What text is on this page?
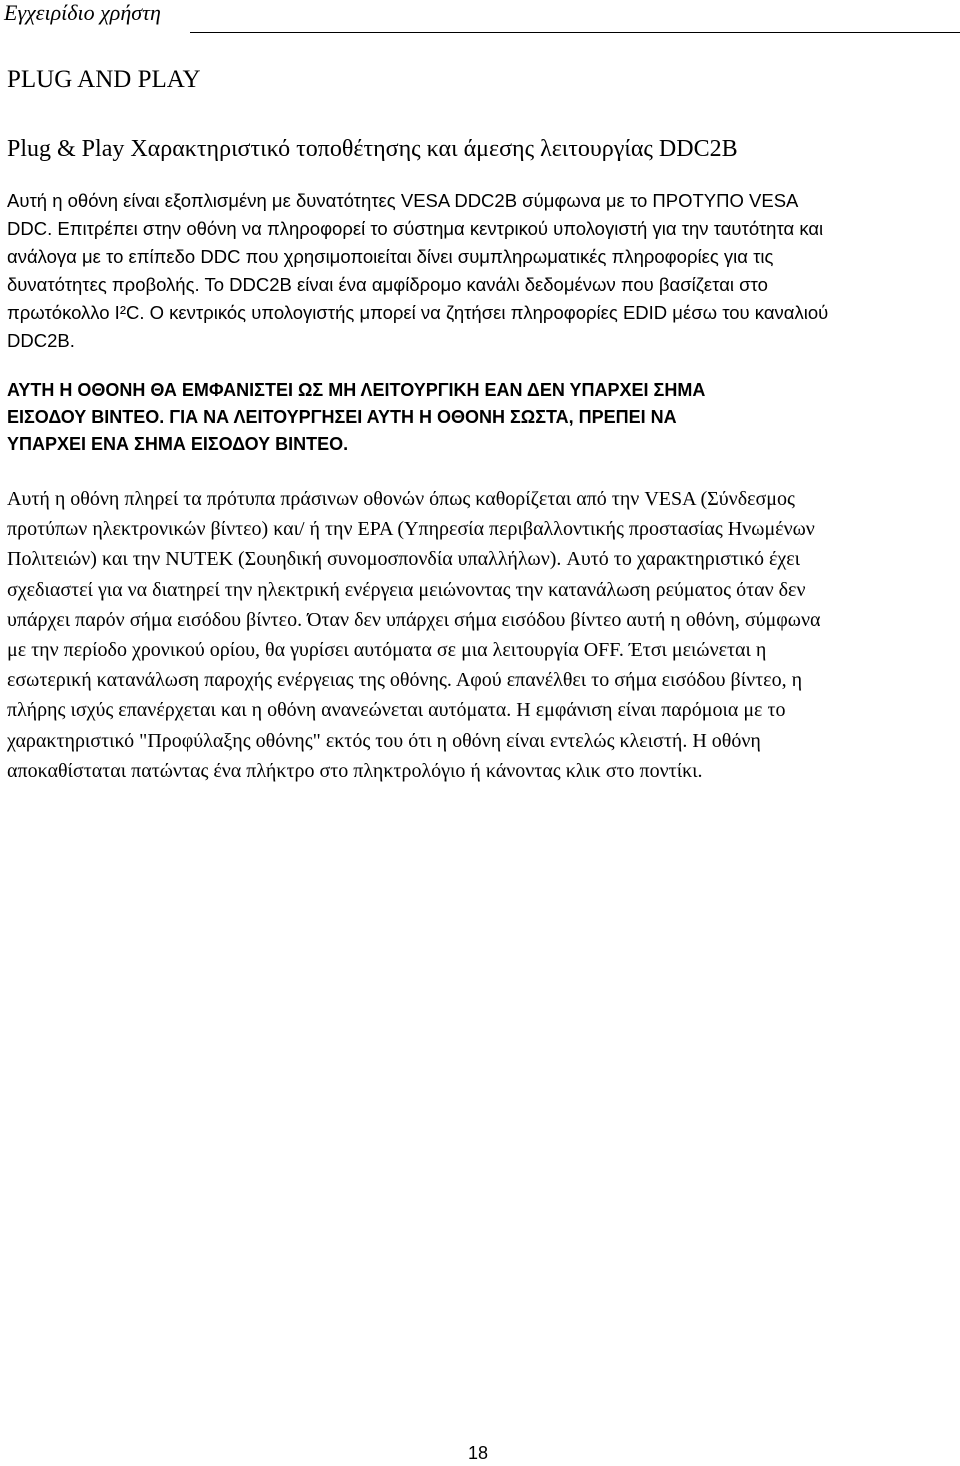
Εγχειρίδιο χρήστη
PLUG AND PLAY
Plug & Play Χαρακτηριστικό τοποθέτησης και άμεσης λειτουργίας DDC2B
Αυτή η οθόνη είναι εξοπλισμένη με δυνατότητες VESA DDC2B σύμφωνα με το ΠΡΟΤΥΠΟ VESA
DDC. Επιτρέπει στην οθόνη να πληροφορεί το σύστημα κεντρικού υπολογιστή για την ταυτότητα και
ανάλογα με το επίπεδο DDC που χρησιμοποιείται δίνει συμπληρωματικές πληροφορίες για τις
δυνατότητες προβολής. Το DDC2B είναι ένα αμφίδρομο κανάλι δεδομένων που βασίζεται στο
πρωτόκολλο I²C. Ο κεντρικός υπολογιστής μπορεί να ζητήσει πληροφορίες EDID μέσω του καναλιού
DDC2B.
ΑΥΤΗ Η ΟΘΟΝΗ ΘΑ ΕΜΦΑΝΙΣΤΕΙ ΩΣ ΜΗ ΛΕΙΤΟΥΡΓΙΚΗ ΕΑΝ ΔΕΝ ΥΠΑΡΧΕΙ ΣΗΜΑ
ΕΙΣΟΔΟΥ ΒΙΝΤΕΟ. ΓΙΑ ΝΑ ΛΕΙΤΟΥΡΓΗΣΕΙ ΑΥΤΗ Η ΟΘΟΝΗ ΣΩΣΤΑ, ΠΡΕΠΕΙ ΝΑ
ΥΠΑΡΧΕΙ ΕΝΑ ΣΗΜΑ ΕΙΣΟΔΟΥ ΒΙΝΤΕΟ.
Αυτή η οθόνη πληρεί τα πρότυπα πράσινων οθονών όπως καθορίζεται από την VESA (Σύνδεσμος
προτύπων ηλεκτρονικών βίντεο) και/ ή την EPA (Υπηρεσία περιβαλλοντικής προστασίας Ηνωμένων
Πολιτειών) και την NUTEK (Σουηδική συνομοσπονδία υπαλλήλων). Αυτό το χαρακτηριστικό έχει
σχεδιαστεί για να διατηρεί την ηλεκτρική ενέργεια μειώνοντας την κατανάλωση ρεύματος όταν δεν
υπάρχει παρόν σήμα εισόδου βίντεο. Όταν δεν υπάρχει σήμα εισόδου βίντεο αυτή η οθόνη, σύμφωνα
με την περίοδο χρονικού ορίου, θα γυρίσει αυτόματα σε μια λειτουργία OFF. Έτσι μειώνεται η
εσωτερική κατανάλωση παροχής ενέργειας της οθόνης. Αφού επανέλθει το σήμα εισόδου βίντεο, η
πλήρης ισχύς επανέρχεται και η οθόνη ανανεώνεται αυτόματα. Η εμφάνιση είναι παρόμοια με το
χαρακτηριστικό "Προφύλαξης οθόνης" εκτός του ότι η οθόνη είναι εντελώς κλειστή. Η οθόνη
αποκαθίσταται πατώντας ένα πλήκτρο στο πληκτρολόγιο ή κάνοντας κλικ στο ποντίκι.
18
